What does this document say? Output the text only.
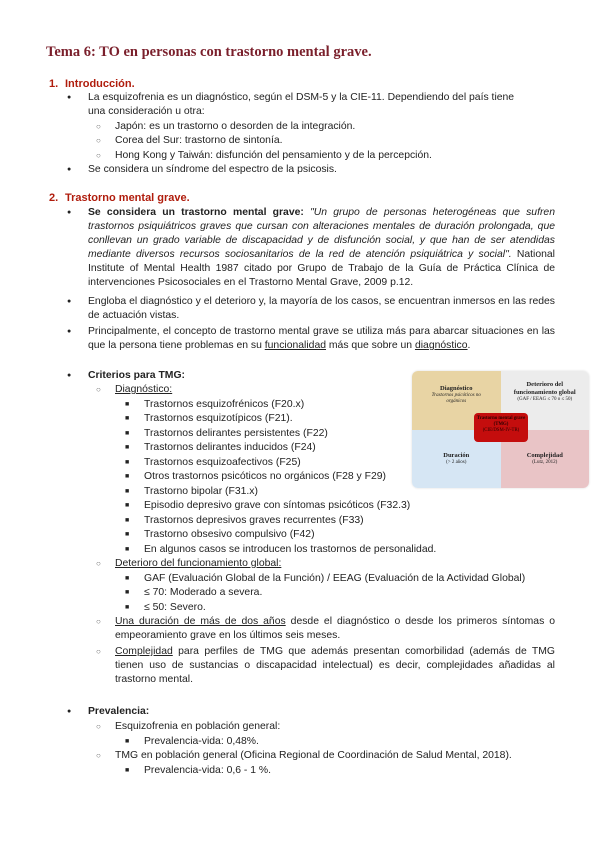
Tema 6: TO en personas con trastorno mental grave.
1. Introducción.
● La esquizofrenia es un diagnóstico, según el DSM-5 y la CIE-11. Dependiendo del país tiene
una consideración u otra:
○ Japón: es un trastorno o desorden de la integración.
○ Corea del Sur: trastorno de sintonía.
○ Hong Kong y Taiwán: disfunción del pensamiento y de la percepción.
● Se considera un síndrome del espectro de la psicosis.
2. Trastorno mental grave.
● Se considera un trastorno mental grave: "Un grupo de personas heterogéneas que sufren trastornos psiquiátricos graves que cursan con alteraciones mentales de duración prolongada, que conllevan un grado variable de discapacidad y de disfunción social, y que han de ser atendidas mediante diversos recursos sociosanitarios de la red de atención psiquiátrica y social". National Institute of Mental Health 1987 citado por Grupo de Trabajo de la Guía de Práctica Clínica de intervenciones Psicosociales en el Trastorno Mental Grave, 2009 p.12.
● Engloba el diagnóstico y el deterioro y, la mayoría de los casos, se encuentran inmersos en las redes de actuación vistas.
● Principalmente, el concepto de trastorno mental grave se utiliza más para abarcar situaciones en las que la persona tiene problemas en su funcionalidad más que sobre un diagnóstico.
● Criterios para TMG:
○ Diagnóstico:
■ Trastornos esquizofrénicos (F20.x)
■ Trastornos esquizotípicos (F21).
■ Trastornos delirantes persistentes (F22)
■ Trastornos delirantes inducidos (F24)
■ Trastornos esquizoafectivos (F25)
■ Otros trastornos psicóticos no orgánicos (F28 y F29)
■ Trastorno bipolar (F31.x)
■ Episodio depresivo grave con síntomas psicóticos (F32.3)
■ Trastornos depresivos graves recurrentes (F33)
■ Trastorno obsesivo compulsivo (F42)
■ En algunos casos se introducen los trastornos de personalidad.
○ Deterioro del funcionamiento global:
■ GAF (Evaluación Global de la Función) / EEAG (Evaluación de la Actividad Global)
■ ≤ 70: Moderado a severa.
■ ≤ 50: Severo.
○ Una duración de más de dos años desde el diagnóstico o desde los primeros síntomas o empeoramiento grave en los últimos seis meses.
○ Complejidad para perfiles de TMG que además presentan comorbilidad (además de TMG tienen uso de sustancias o discapacidad intelectual) es decir, complejidades añadidas al trastorno mental.
Diagnóstico
Trastornos psicóticos no orgánicos
Deterioro del funcionamiento global
(GAF / EEAG ≤ 70 o ≤ 50)
Duración
(> 2 años)
Complejidad
(Lutz, 2012)
Trastorno mental grave (TMG)
(CIE/DSM-IV-TR)
● Prevalencia:
○ Esquizofrenia en población general:
■ Prevalencia-vida: 0,48%.
○ TMG en población general (Oficina Regional de Coordinación de Salud Mental, 2018).
■ Prevalencia-vida: 0,6 - 1 %.
